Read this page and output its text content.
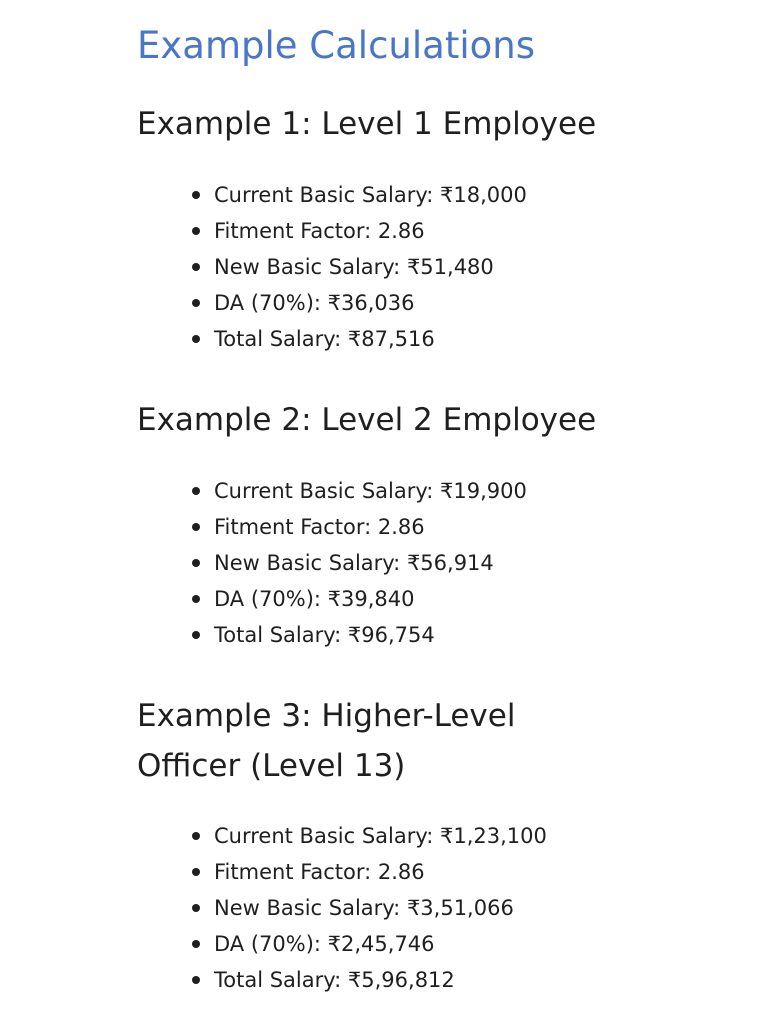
Example Calculations
Example 1: Level 1 Employee
Current Basic Salary: ₹18,000
Fitment Factor: 2.86
New Basic Salary: ₹51,480
DA (70%): ₹36,036
Total Salary: ₹87,516
Example 2: Level 2 Employee
Current Basic Salary: ₹19,900
Fitment Factor: 2.86
New Basic Salary: ₹56,914
DA (70%): ₹39,840
Total Salary: ₹96,754
Example 3: Higher-Level Officer (Level 13)
Current Basic Salary: ₹1,23,100
Fitment Factor: 2.86
New Basic Salary: ₹3,51,066
DA (70%): ₹2,45,746
Total Salary: ₹5,96,812
